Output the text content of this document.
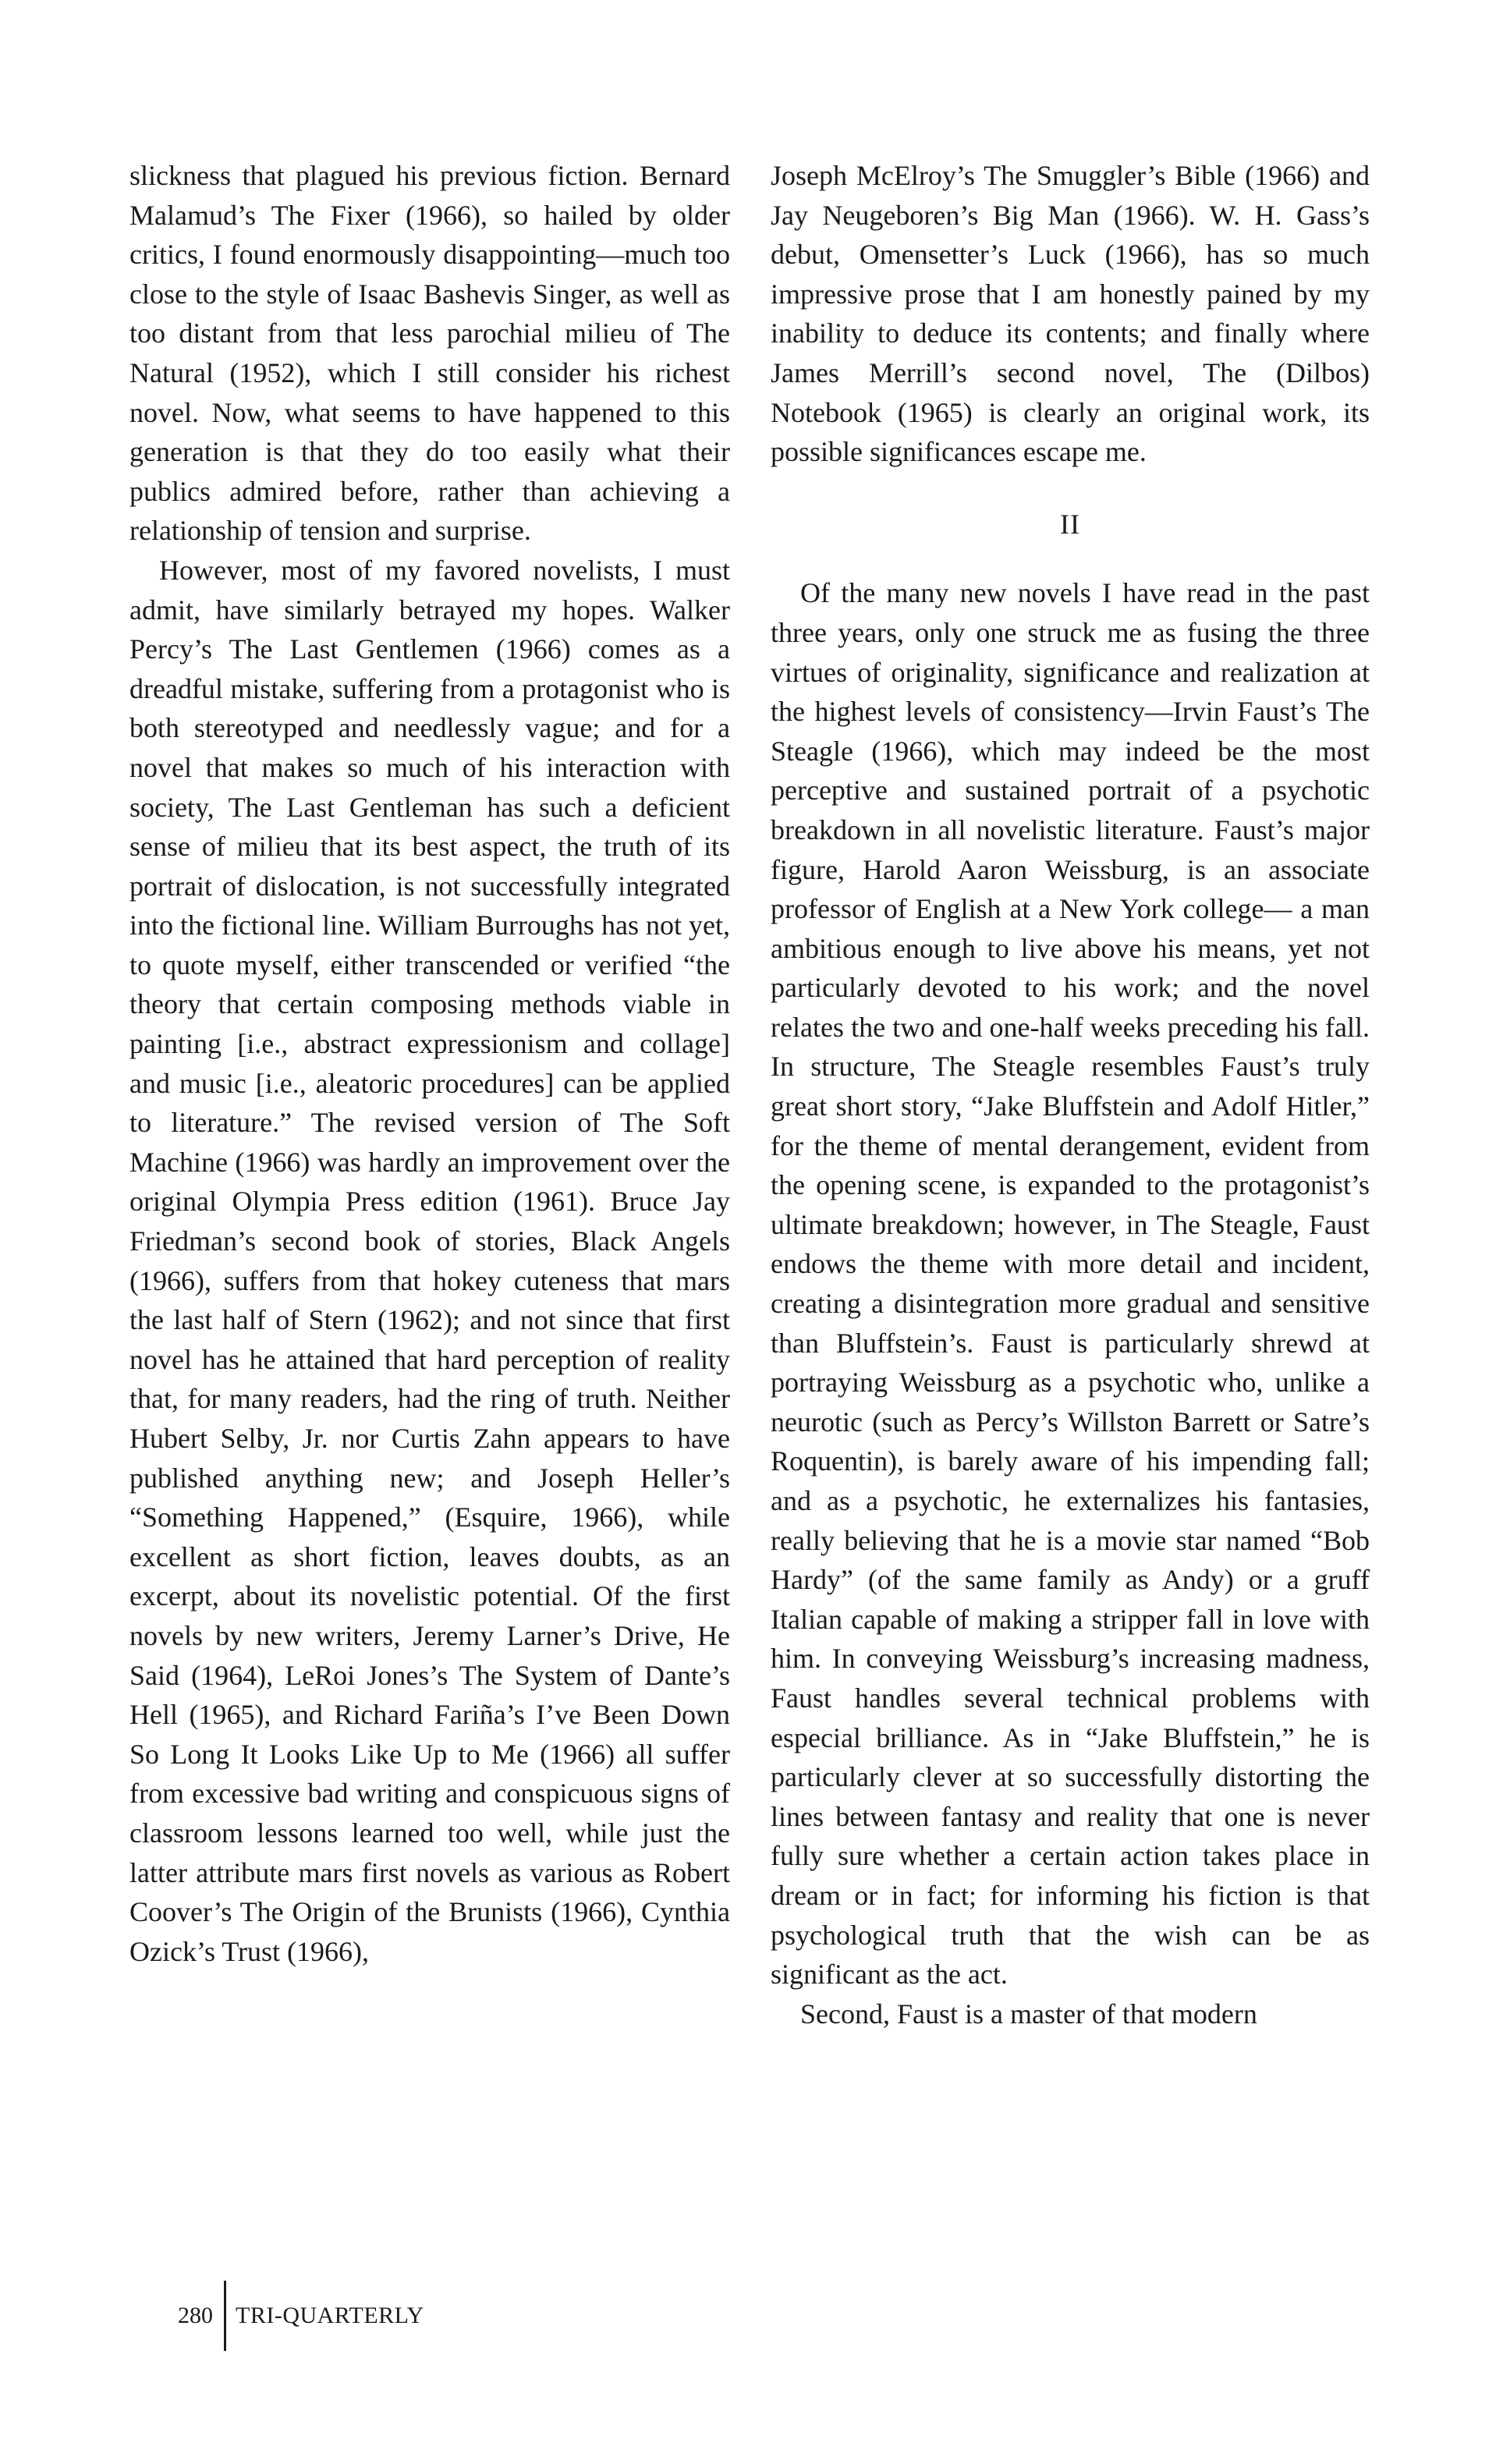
slickness that plagued his previous fiction. Bernard Malamud’s The Fixer (1966), so hailed by older critics, I found enormously disappointing—much too close to the style of Isaac Bashevis Singer, as well as too distant from that less parochial milieu of The Natural (1952), which I still consider his richest novel. Now, what seems to have happened to this generation is that they do too easily what their publics admired before, rather than achieving a relationship of tension and surprise.

However, most of my favored novelists, I must admit, have similarly betrayed my hopes. Walker Percy’s The Last Gentlemen (1966) comes as a dreadful mistake, suffering from a protagonist who is both stereotyped and needlessly vague; and for a novel that makes so much of his interaction with society, The Last Gentleman has such a deficient sense of milieu that its best aspect, the truth of its portrait of dislocation, is not successfully integrated into the fictional line. William Burroughs has not yet, to quote myself, either transcended or verified “the theory that certain composing methods viable in painting [i.e., abstract expressionism and collage] and music [i.e., aleatoric procedures] can be applied to literature.” The revised version of The Soft Machine (1966) was hardly an improvement over the original Olympia Press edition (1961). Bruce Jay Friedman’s second book of stories, Black Angels (1966), suffers from that hokey cuteness that mars the last half of Stern (1962); and not since that first novel has he attained that hard perception of reality that, for many readers, had the ring of truth. Neither Hubert Selby, Jr. nor Curtis Zahn appears to have published anything new; and Joseph Heller’s “Something Happened,” (Esquire, 1966), while excellent as short fiction, leaves doubts, as an excerpt, about its novelistic potential. Of the first novels by new writers, Jeremy Larner’s Drive, He Said (1964), LeRoi Jones’s The System of Dante’s Hell (1965), and Richard Fariña’s I’ve Been Down So Long It Looks Like Up to Me (1966) all suffer from excessive bad writing and conspicuous signs of classroom lessons learned too well, while just the latter attribute mars first novels as various as Robert Coover’s The Origin of the Brunists (1966), Cynthia Ozick’s Trust (1966),

Joseph McElroy’s The Smuggler’s Bible (1966) and Jay Neugeboren’s Big Man (1966). W. H. Gass’s debut, Omensetter’s Luck (1966), has so much impressive prose that I am honestly pained by my inability to deduce its contents; and finally where James Merrill’s second novel, The (Dilbos) Notebook (1965) is clearly an original work, its possible significances escape me.

II

Of the many new novels I have read in the past three years, only one struck me as fusing the three virtues of originality, significance and realization at the highest levels of consistency—Irvin Faust’s The Steagle (1966), which may indeed be the most perceptive and sustained portrait of a psychotic breakdown in all novelistic literature. Faust’s major figure, Harold Aaron Weissburg, is an associate professor of English at a New York college— a man ambitious enough to live above his means, yet not particularly devoted to his work; and the novel relates the two and one-half weeks preceding his fall. In structure, The Steagle resembles Faust’s truly great short story, “Jake Bluffstein and Adolf Hitler,” for the theme of mental derangement, evident from the opening scene, is expanded to the protagonist’s ultimate breakdown; however, in The Steagle, Faust endows the theme with more detail and incident, creating a disintegration more gradual and sensitive than Bluffstein’s. Faust is particularly shrewd at portraying Weissburg as a psychotic who, unlike a neurotic (such as Percy’s Willston Barrett or Satre’s Roquentin), is barely aware of his impending fall; and as a psychotic, he externalizes his fantasies, really believing that he is a movie star named “Bob Hardy” (of the same family as Andy) or a gruff Italian capable of making a stripper fall in love with him. In conveying Weissburg’s increasing madness, Faust handles several technical problems with especial brilliance. As in “Jake Bluffstein,” he is particularly clever at so successfully distorting the lines between fantasy and reality that one is never fully sure whether a certain action takes place in dream or in fact; for informing his fiction is that psychological truth that the wish can be as significant as the act.

Second, Faust is a master of that modern

280 TRI-QUARTERLY
